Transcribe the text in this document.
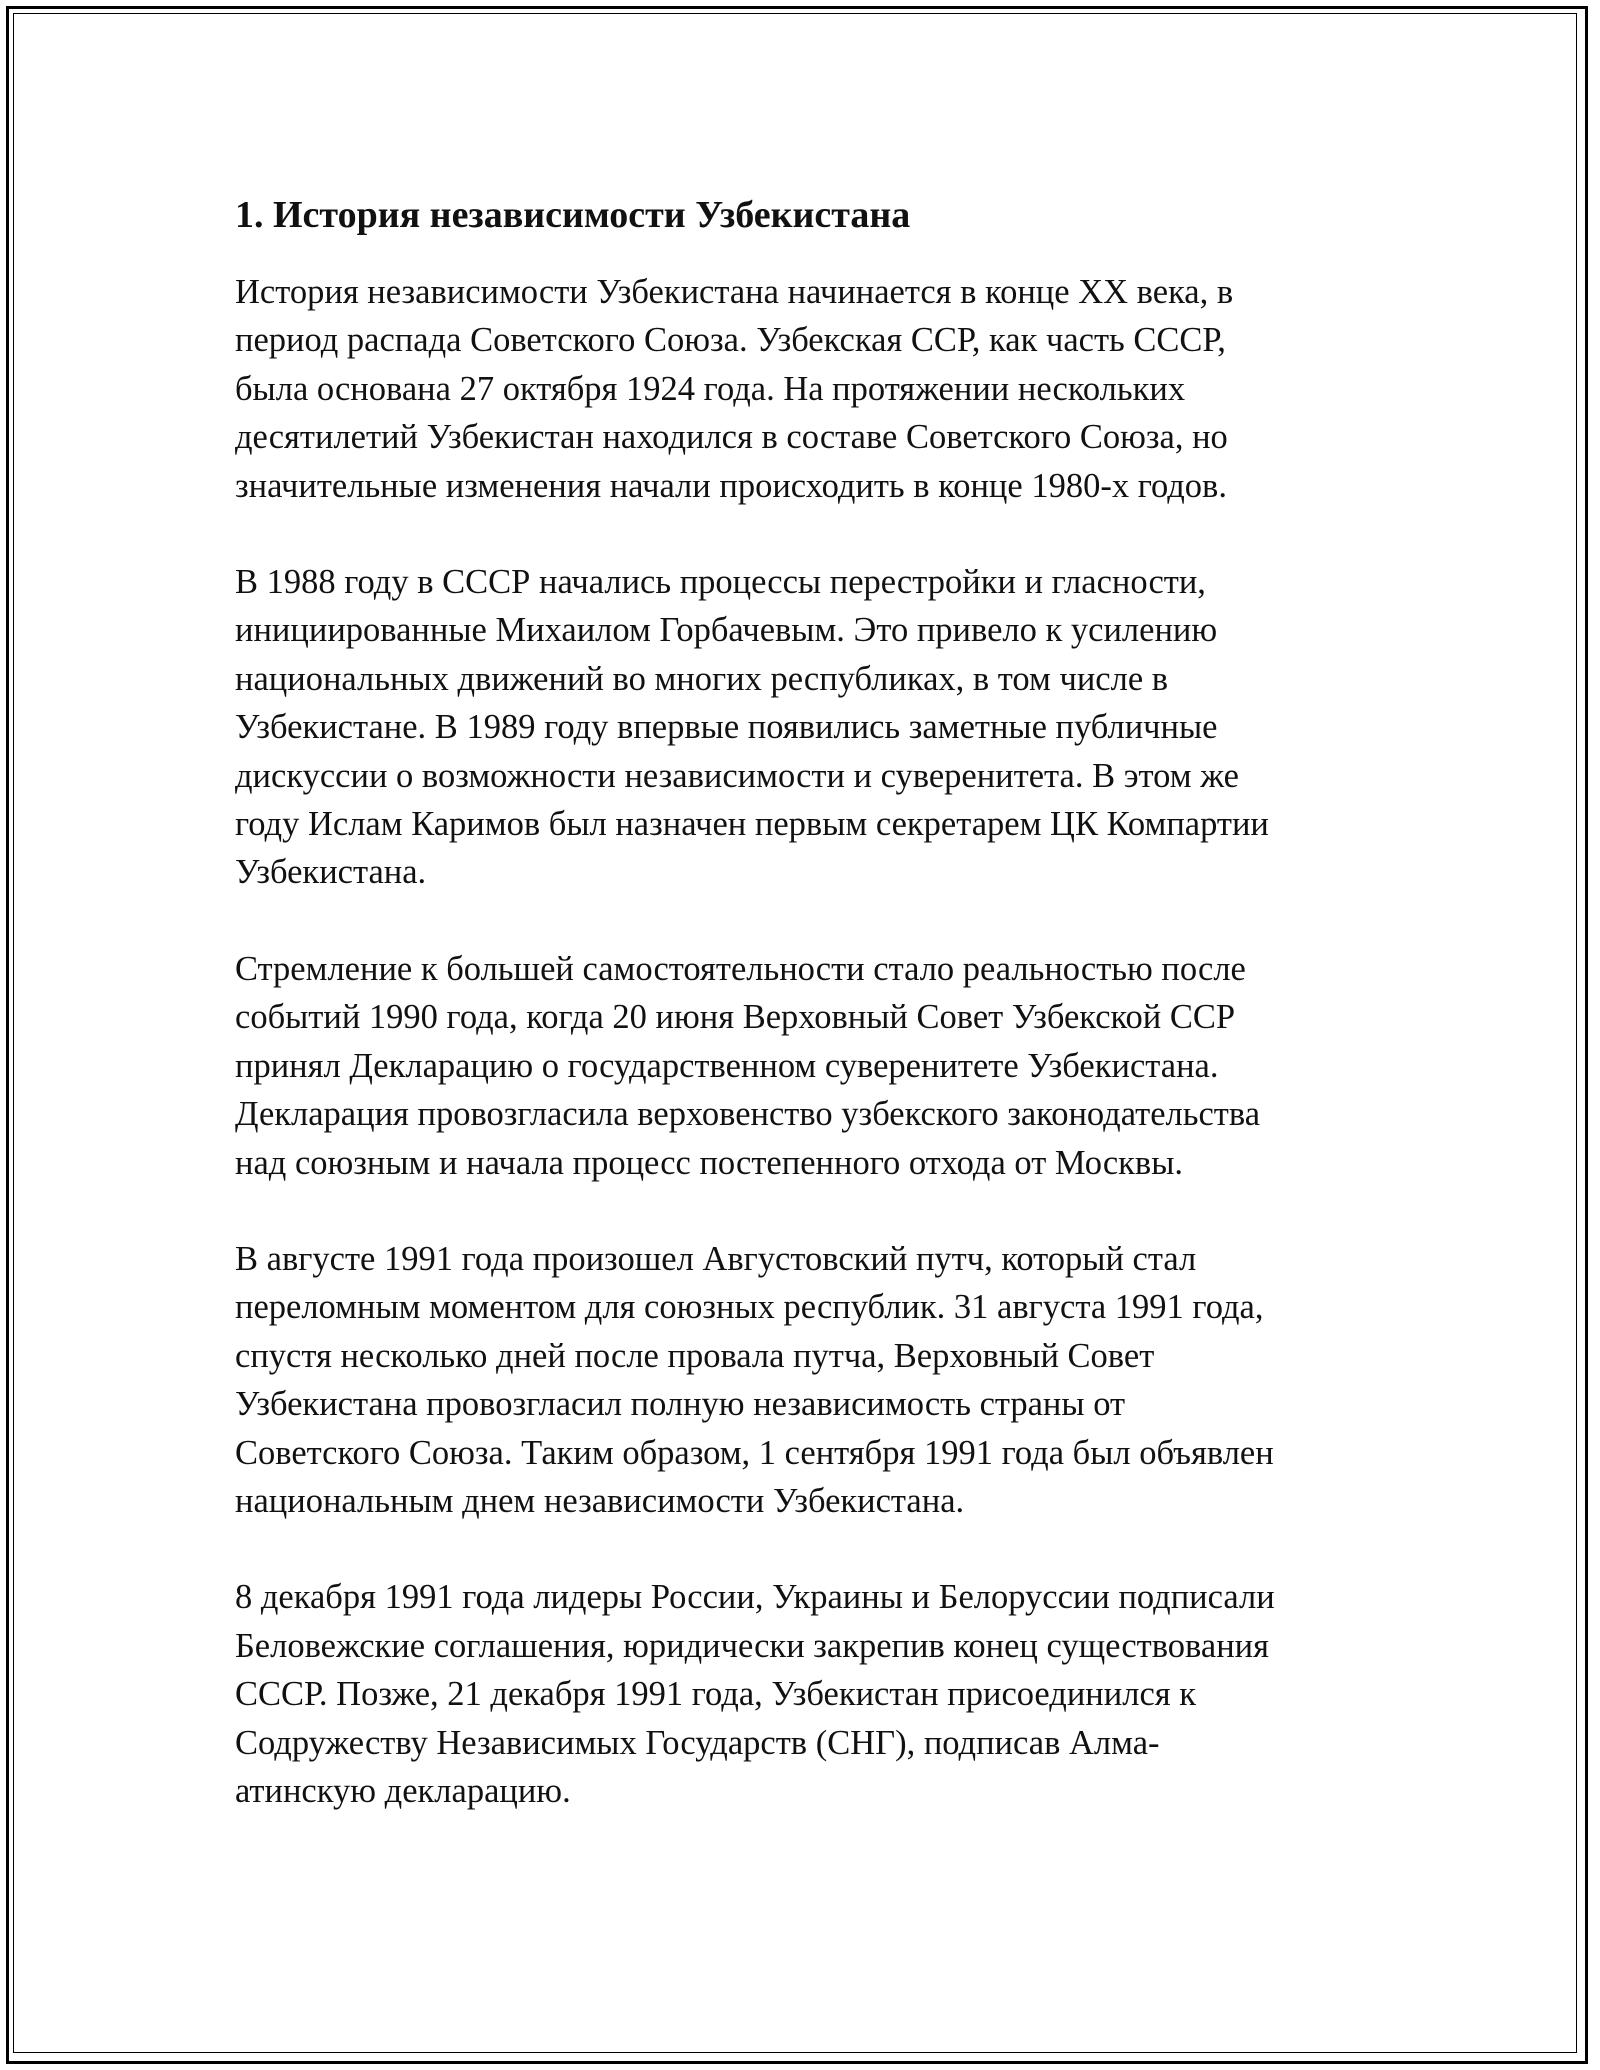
1. История независимости Узбекистана

История независимости Узбекистана начинается в конце XX века, в
период распада Советского Союза. Узбекская ССР, как часть СССР,
была основана 27 октября 1924 года. На протяжении нескольких
десятилетий Узбекистан находился в составе Советского Союза, но
значительные изменения начали происходить в конце 1980-х годов.

В 1988 году в СССР начались процессы перестройки и гласности,
инициированные Михаилом Горбачевым. Это привело к усилению
национальных движений во многих республиках, в том числе в
Узбекистане. В 1989 году впервые появились заметные публичные
дискуссии о возможности независимости и суверенитета. В этом же
году Ислам Каримов был назначен первым секретарем ЦК Компартии
Узбекистана.

Стремление к большей самостоятельности стало реальностью после
событий 1990 года, когда 20 июня Верховный Совет Узбекской ССР
принял Декларацию о государственном суверенитете Узбекистана.
Декларация провозгласила верховенство узбекского законодательства
над союзным и начала процесс постепенного отхода от Москвы.

В августе 1991 года произошел Августовский путч, который стал
переломным моментом для союзных республик. 31 августа 1991 года,
спустя несколько дней после провала путча, Верховный Совет
Узбекистана провозгласил полную независимость страны от
Советского Союза. Таким образом, 1 сентября 1991 года был объявлен
национальным днем независимости Узбекистана.

8 декабря 1991 года лидеры России, Украины и Белоруссии подписали
Беловежские соглашения, юридически закрепив конец существования
СССР. Позже, 21 декабря 1991 года, Узбекистан присоединился к
Содружеству Независимых Государств (СНГ), подписав Алма-
атинскую декларацию.
